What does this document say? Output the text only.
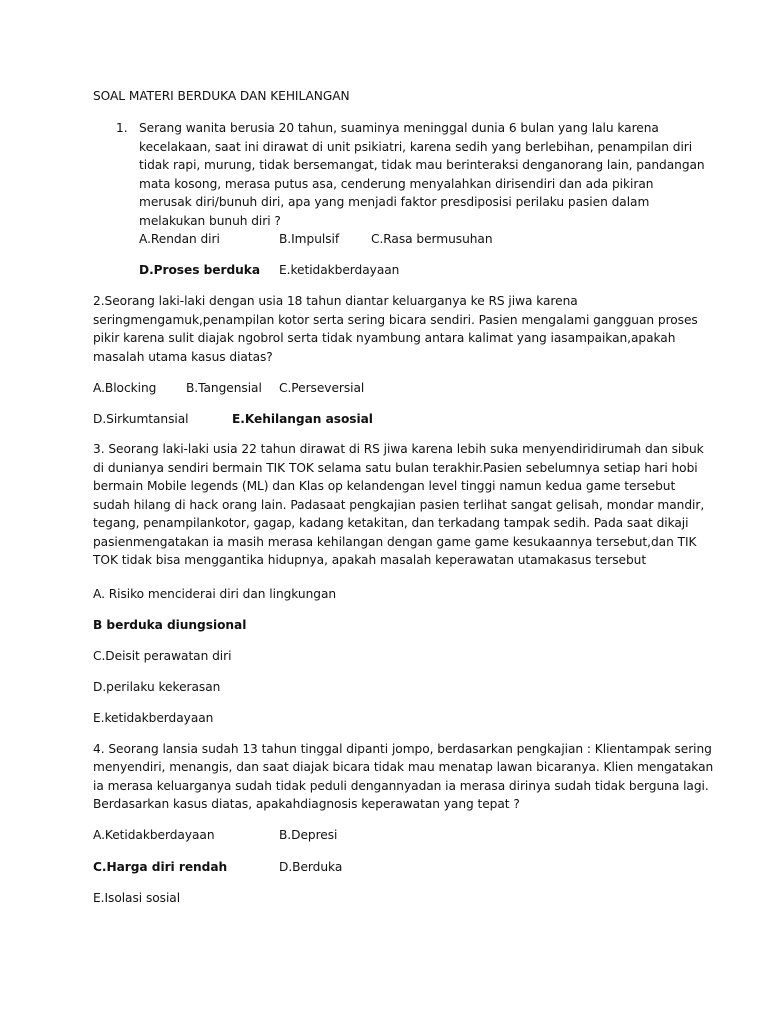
SOAL MATERI BERDUKA DAN KEHILANGAN

1. Serang wanita berusia 20 tahun, suaminya meninggal dunia 6 bulan yang lalu karena

kecelakaan, saat ini dirawat di unit psikiatri, karena sedih yang berlebihan, penampilan diri

tidak rapi, murung, tidak bersemangat, tidak mau berinteraksi denganorang lain, pandangan

mata kosong, merasa putus asa, cenderung menyalahkan dirisendiri dan ada pikiran

merusak diri/bunuh diri, apa yang menjadi faktor presdiposisi perilaku pasien dalam

melakukan bunuh diri ?

A.Rendan diri	B.Impulsif	C.Rasa bermusuhan

D.Proses berduka E.ketidakberdayaan

2.Seorang laki-laki dengan usia 18 tahun diantar keluarganya ke RS jiwa karena

seringmengamuk,penampilan kotor serta sering bicara sendiri. Pasien mengalami gangguan proses

pikir karena sulit diajak ngobrol serta tidak nyambung antara kalimat yang iasampaikan,apakah

masalah utama kasus diatas?

A.Blocking B.Tangensial C.Perseversial

D.Sirkumtansial	E.Kehilangan asosial

3. Seorang laki-laki usia 22 tahun dirawat di RS jiwa karena lebih suka menyendiridirumah dan sibuk

di dunianya sendiri bermain TIK TOK selama satu bulan terakhir.Pasien sebelumnya setiap hari hobi

bermain Mobile legends (ML) dan Klas op kelandengan level tinggi namun kedua game tersebut

sudah hilang di hack orang lain. Padasaat pengkajian pasien terlihat sangat gelisah, mondar mandir,

tegang, penampilankotor, gagap, kadang ketakitan, dan terkadang tampak sedih. Pada saat dikaji

pasienmengatakan ia masih merasa kehilangan dengan game game kesukaannya tersebut,dan TIK

TOK tidak bisa menggantika hidupnya, apakah masalah keperawatan utamakasus tersebut

A. Risiko menciderai diri dan lingkungan

B berduka diungsional

C.Deisit perawatan diri

D.perilaku kekerasan

E.ketidakberdayaan

4. Seorang lansia sudah 13 tahun tinggal dipanti jompo, berdasarkan pengkajian : Klientampak sering

menyendiri, menangis, dan saat diajak bicara tidak mau menatap lawan bicaranya. Klien mengatakan

ia merasa keluarganya sudah tidak peduli dengannyadan ia merasa dirinya sudah tidak berguna lagi.

Berdasarkan kasus diatas, apakahdiagnosis keperawatan yang tepat ?

A.Ketidakberdayaan	B.Depresi

C.Harga diri rendah	D.Berduka

E.Isolasi sosial
